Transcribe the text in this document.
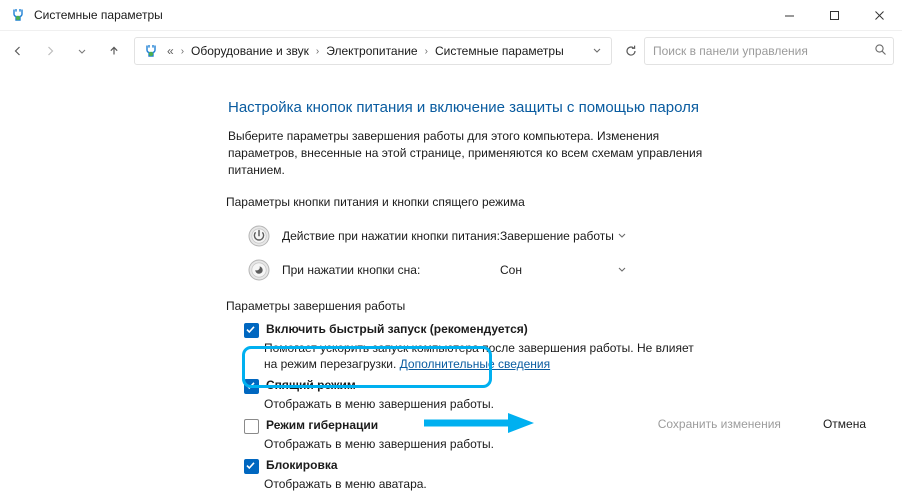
Системные параметры
« › Оборудование и звук › Электропитание › Системные параметры	Поиск в панели управления
Настройка кнопок питания и включение защиты с помощью пароля
Выберите параметры завершения работы для этого компьютера. Изменения параметров, внесенные на этой странице, применяются ко всем схемам управления питанием.
Параметры кнопки питания и кнопки спящего режима
Действие при нажатии кнопки питания: Завершение работы
При нажатии кнопки сна:	Сон
Параметры завершения работы
Включить быстрый запуск (рекомендуется)
Помогает ускорить запуск компьютера после завершения работы. Не влияет на режим перезагрузки. Дополнительные сведения
Спящий режим
Отображать в меню завершения работы.
Режим гибернации
Отображать в меню завершения работы.
Блокировка
Отображать в меню аватара.
Сохранить изменения	Отмена
